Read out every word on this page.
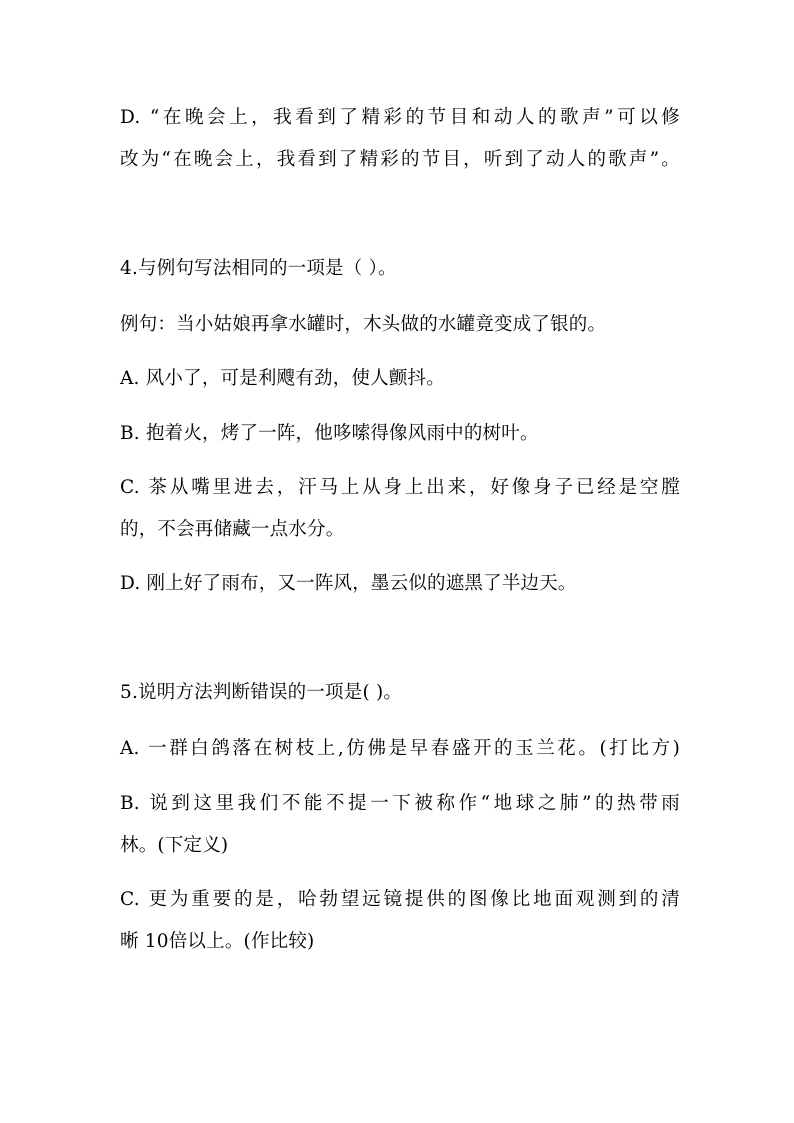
D. “在晚会上，我看到了精彩的节目和动人的歌声”可以修
改为“在晚会上，我看到了精彩的节目，听到了动人的歌声”。
4.与例句写法相同的一项是（ ）。
例句：当小姑娘再拿水罐时，木头做的水罐竟变成了银的。
A. 风小了，可是利飕有劲，使人颤抖。
B. 抱着火，烤了一阵，他哆嗦得像风雨中的树叶。
C. 茶从嘴里进去，汗马上从身上出来，好像身子已经是空膛
的，不会再储藏一点水分。
D. 刚上好了雨布，又一阵风，墨云似的遮黑了半边天。
5.说明方法判断错误的一项是( )。
A. 一群白鸽落在树枝上,仿佛是早春盛开的玉兰花。(打比方)
B. 说到这里我们不能不提一下被称作“地球之肺”的热带雨
林。(下定义)
C. 更为重要的是，哈勃望远镜提供的图像比地面观测到的清
晰 10倍以上。(作比较)
